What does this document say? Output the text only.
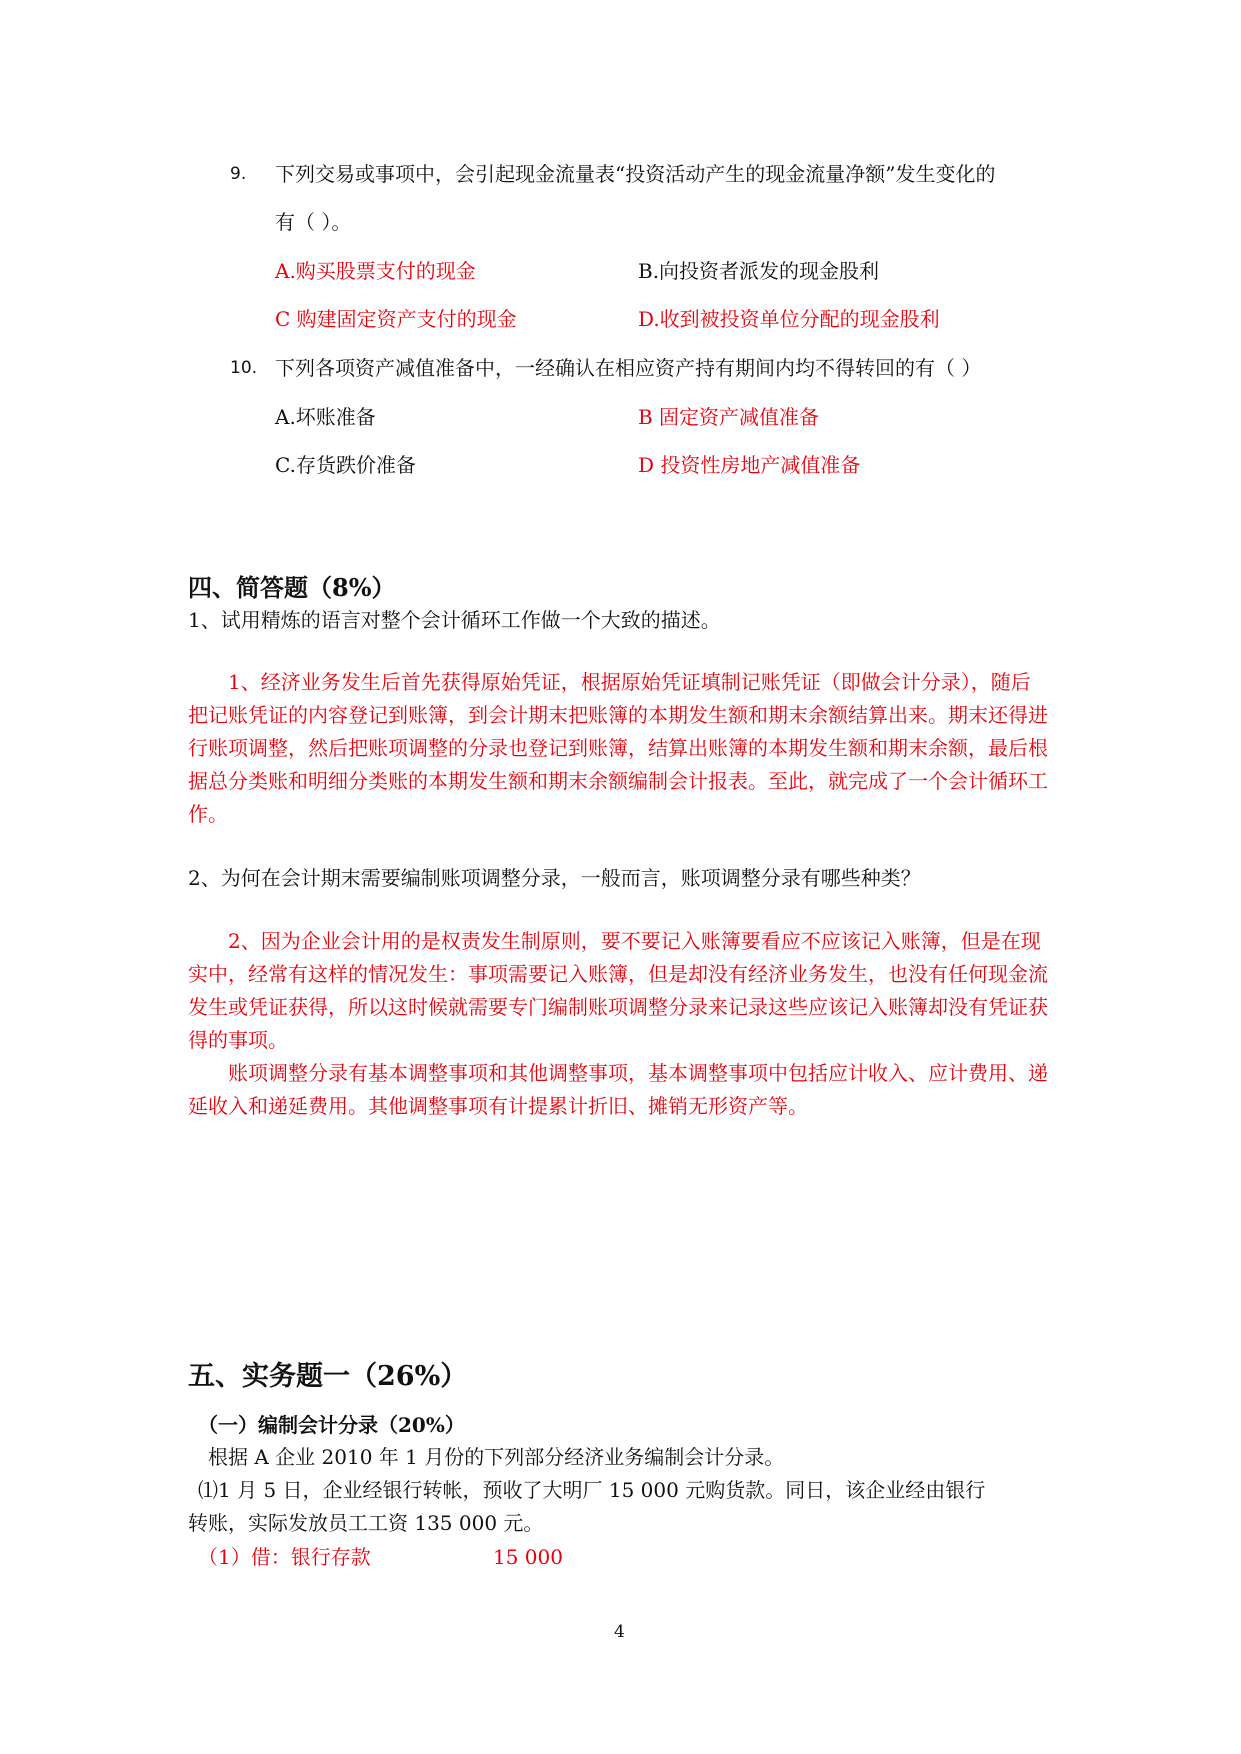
9. 下列交易或事项中，会引起现金流量表“投资活动产生的现金流量净额”发生变化的
有（ ）。
A.购买股票支付的现金	B.向投资者派发的现金股利
C 购建固定资产支付的现金	D.收到被投资单位分配的现金股利
10. 下列各项资产减值准备中，一经确认在相应资产持有期间内均不得转回的有（ ）
A.坏账准备	B 固定资产减值准备
C.存货跌价准备	D 投资性房地产减值准备
四、简答题（8%）
1、试用精炼的语言对整个会计循环工作做一个大致的描述。
1、经济业务发生后首先获得原始凭证，根据原始凭证填制记账凭证（即做会计分录），随后把记账凭证的内容登记到账簿，到会计期末把账簿的本期发生额和期末余额结算出来。期末还得进行账项调整，然后把账项调整的分录也登记到账簿，结算出账簿的本期发生额和期末余额，最后根据总分类账和明细分类账的本期发生额和期末余额编制会计报表。至此，就完成了一个会计循环工作。
2、为何在会计期末需要编制账项调整分录，一般而言，账项调整分录有哪些种类？
2、因为企业会计用的是权责发生制原则，要不要记入账簿要看应不应该记入账簿，但是在现实中，经常有这样的情况发生：事项需要记入账簿，但是却没有经济业务发生，也没有任何现金流发生或凭证获得，所以这时候就需要专门编制账项调整分录来记录这些应该记入账簿却没有凭证获得的事项。
账项调整分录有基本调整事项和其他调整事项，基本调整事项中包括应计收入、应计费用、递延收入和递延费用。其他调整事项有计提累计折旧、摊销无形资产等。
五、实务题一（26%）
（一）编制会计分录（20%）
根据 A 企业 2010 年 1 月份的下列部分经济业务编制会计分录。
⑴1 月 5 日，企业经银行转帐，预收了大明厂 15 000 元购货款。同日，该企业经由银行
转账，实际发放员工工资 135 000 元。
（1）借：银行存款	15 000
4
